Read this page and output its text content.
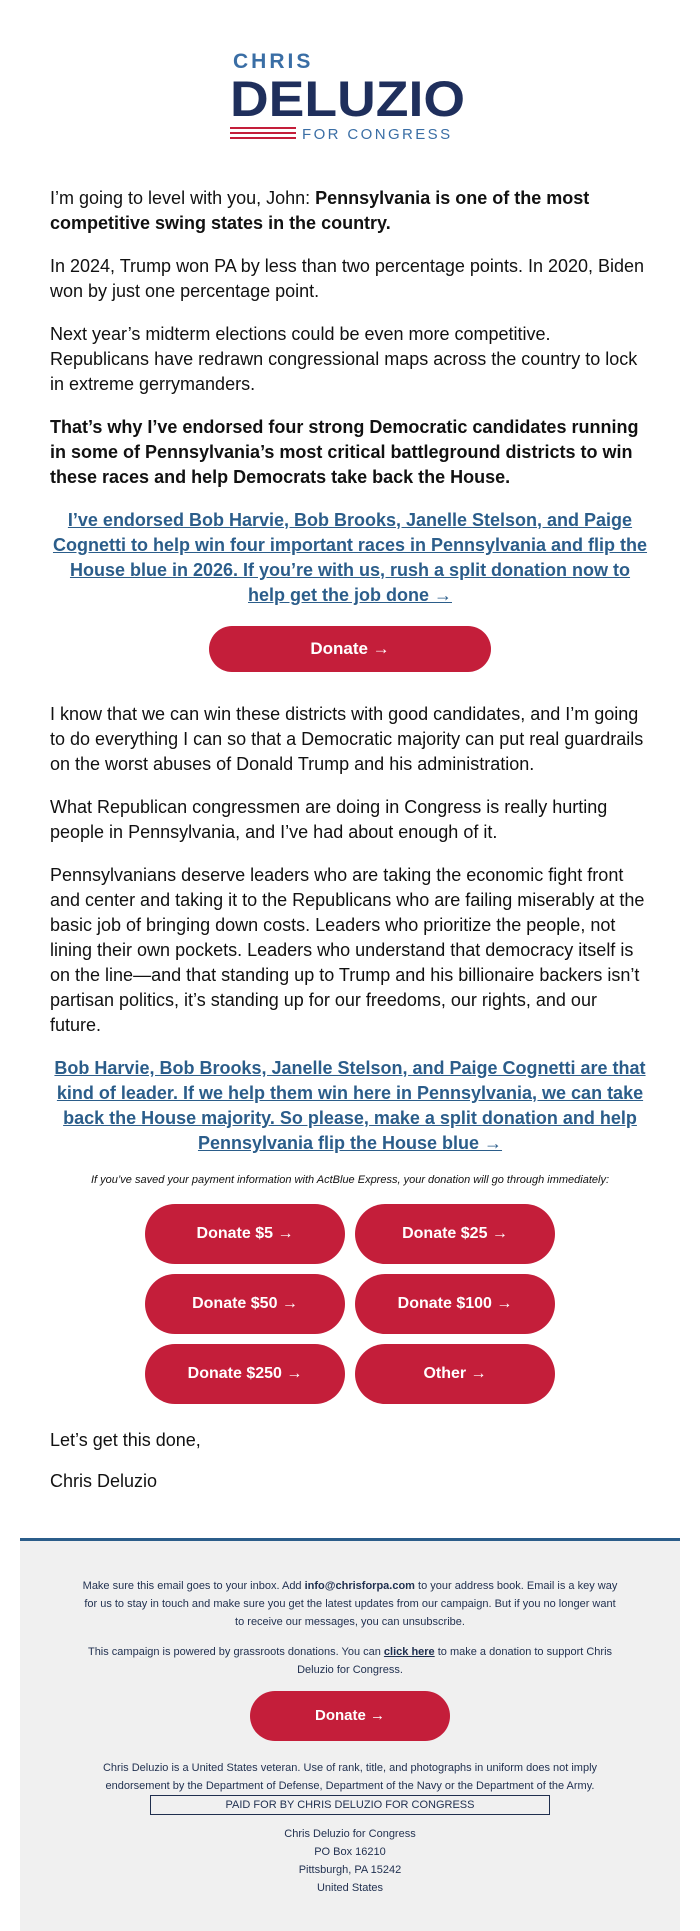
CHRIS
DELUZIO
FOR CONGRESS

I’m going to level with you, John: Pennsylvania is one of the most competitive swing states in the country.

In 2024, Trump won PA by less than two percentage points. In 2020, Biden won by just one percentage point.

Next year’s midterm elections could be even more competitive. Republicans have redrawn congressional maps across the country to lock in extreme gerrymanders.

That’s why I’ve endorsed four strong Democratic candidates running in some of Pennsylvania’s most critical battleground districts to win these races and help Democrats take back the House.

I’ve endorsed Bob Harvie, Bob Brooks, Janelle Stelson, and Paige Cognetti to help win four important races in Pennsylvania and flip the House blue in 2026. If you’re with us, rush a split donation now to help get the job done →

Donate →

I know that we can win these districts with good candidates, and I’m going to do everything I can so that a Democratic majority can put real guardrails on the worst abuses of Donald Trump and his administration.

What Republican congressmen are doing in Congress is really hurting people in Pennsylvania, and I’ve had about enough of it.

Pennsylvanians deserve leaders who are taking the economic fight front and center and taking it to the Republicans who are failing miserably at the basic job of bringing down costs. Leaders who prioritize the people, not lining their own pockets. Leaders who understand that democracy itself is on the line—and that standing up to Trump and his billionaire backers isn’t partisan politics, it’s standing up for our freedoms, our rights, and our future.

Bob Harvie, Bob Brooks, Janelle Stelson, and Paige Cognetti are that kind of leader. If we help them win here in Pennsylvania, we can take back the House majority. So please, make a split donation and help Pennsylvania flip the House blue →

If you’ve saved your payment information with ActBlue Express, your donation will go through immediately:

Donate $5 →	Donate $25 →
Donate $50 →	Donate $100 →
Donate $250 →	Other →

Let’s get this done,

Chris Deluzio

Make sure this email goes to your inbox. Add info@chrisforpa.com to your address book. Email is a key way for us to stay in touch and make sure you get the latest updates from our campaign. But if you no longer want to receive our messages, you can unsubscribe.

This campaign is powered by grassroots donations. You can click here to make a donation to support Chris Deluzio for Congress.

Donate →

Chris Deluzio is a United States veteran. Use of rank, title, and photographs in uniform does not imply endorsement by the Department of Defense, Department of the Navy or the Department of the Army.

PAID FOR BY CHRIS DELUZIO FOR CONGRESS
Chris Deluzio for Congress
PO Box 16210
Pittsburgh, PA 15242
United States
